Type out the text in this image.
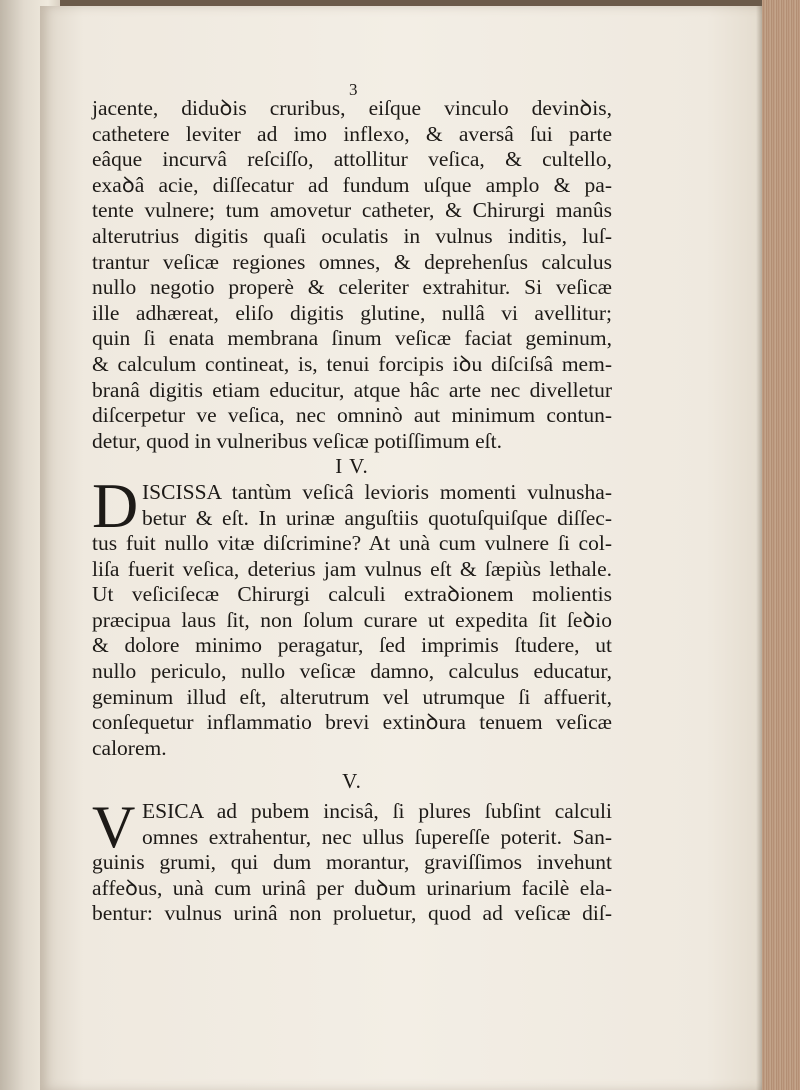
3
jacente, diduꝺis cruribus, eiſque vinculo devinꝺis,
cathetere leviter ad imo inflexo, & aversâ ſui parte
eâque incurvâ reſciſſo, attollitur veſica, & cultello,
exaꝺâ acie, diſſecatur ad fundum uſque amplo & pa-
tente vulnere; tum amovetur catheter, & Chirurgi manûs
alterutrius digitis quaſi oculatis in vulnus inditis, luſ-
trantur veſicæ regiones omnes, & deprehenſus calculus
nullo negotio properè & celeriter extrahitur. Si veſicæ
ille adhæreat, eliſo digitis glutine, nullâ vi avellitur;
quin ſi enata membrana ſinum veſicæ faciat geminum,
& calculum contineat, is, tenui forcipis iꝺu diſciſsâ mem-
branâ digitis etiam educitur, atque hâc arte nec divelletur
diſcerpetur ve veſica, nec omninò aut minimum contun-
detur, quod in vulneribus veſicæ potiſſimum eſt.
I V.
D ISCISSA tantùm veſicâ levioris momenti vulnusha-
betur & eſt. In urinæ anguſtiis quotuſquiſque diſſec-
tus fuit nullo vitæ diſcrimine? At unà cum vulnere ſi col-
liſa fuerit veſica, deterius jam vulnus eſt & ſæpiùs lethale.
Ut veſiciſecæ Chirurgi calculi extraꝺionem molientis
præcipua laus ſit, non ſolum curare ut expedita ſit ſeꝺio
& dolore minimo peragatur, ſed imprimis ſtudere, ut
nullo periculo, nullo veſicæ damno, calculus educatur,
geminum illud eſt, alterutrum vel utrumque ſi affuerit,
conſequetur inflammatio brevi extinꝺura tenuem veſicæ
calorem.
V.
V ESICA ad pubem incisâ, ſi plures ſubſint calculi
omnes extrahentur, nec ullus ſupereſſe poterit. San-
guinis grumi, qui dum morantur, graviſſimos invehunt
affeꝺus, unà cum urinâ per duꝺum urinarium facilè ela-
bentur: vulnus urinâ non proluetur, quod ad veſicæ diſ-
